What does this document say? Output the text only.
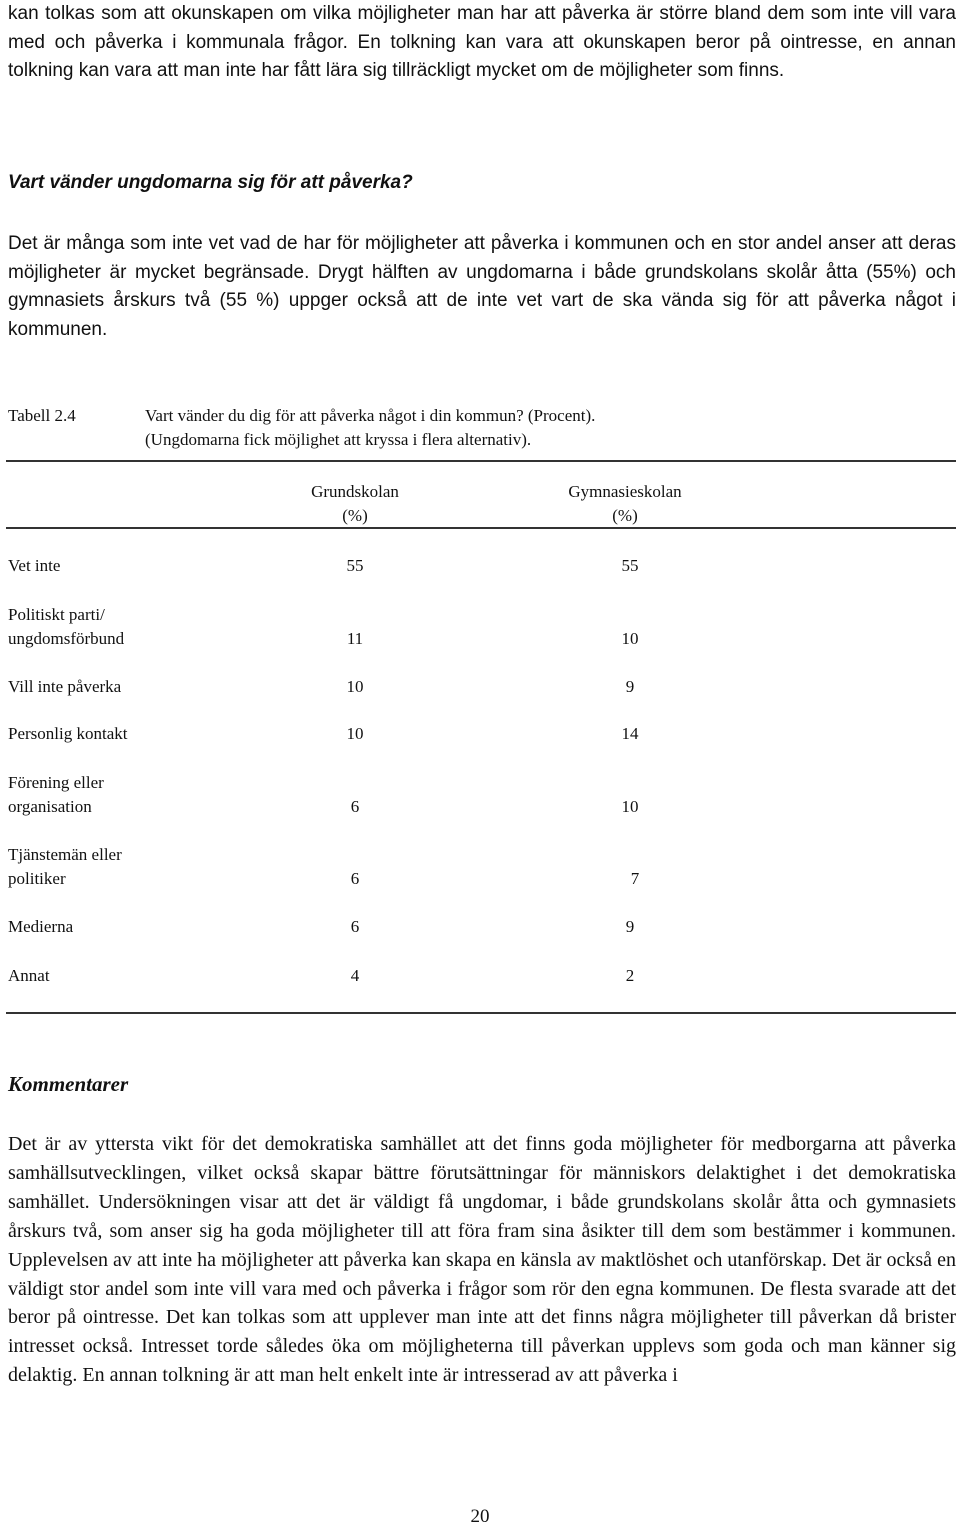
kan tolkas som att okunskapen om vilka möjligheter man har att påverka är större bland dem som inte vill vara med och påverka i kommunala frågor. En tolkning kan vara att okunskapen beror på ointresse, en annan tolkning kan vara att man inte har fått lära sig tillräckligt mycket om de möjligheter som finns.

Vart vänder ungdomarna sig för att påverka?

Det är många som inte vet vad de har för möjligheter att påverka i kommunen och en stor andel anser att deras möjligheter är mycket begränsade. Drygt hälften av ungdomarna i både grundskolans skolår åtta (55%) och gymnasiets årskurs två (55 %) uppger också att de inte vet vart de ska vända sig för att påverka något i kommunen.

Tabell 2.4	Vart vänder du dig för att påverka något i din kommun? (Procent).
(Ungdomarna fick möjlighet att kryssa i flera alternativ).
Grundskolan
(%)
Gymnasieskolan
(%)
Vet inte	55	55
Politiskt parti/
ungdomsförbund	11	10
Vill inte påverka	10	9
Personlig kontakt	10	14
Förening eller
organisation	6	10
Tjänstemän eller
politiker	6	7
Medierna	6	9
Annat	4	2
Kommentarer

Det är av yttersta vikt för det demokratiska samhället att det finns goda möjligheter för medborgarna att påverka samhällsutvecklingen, vilket också skapar bättre förutsättningar för människors delaktighet i det demokratiska samhället. Undersökningen visar att det är väldigt få ungdomar, i både grundskolans skolår åtta och gymnasiets årskurs två, som anser sig ha goda möjligheter till att föra fram sina åsikter till dem som bestämmer i kommunen. Upplevelsen av att inte ha möjligheter att påverka kan skapa en känsla av maktlöshet och utanförskap. Det är också en väldigt stor andel som inte vill vara med och påverka i frågor som rör den egna kommunen. De flesta svarade att det beror på ointresse. Det kan tolkas som att upplever man inte att det finns några möjligheter till påverkan då brister intresset också. Intresset torde således öka om möjligheterna till påverkan upplevs som goda och man känner sig delaktig. En annan tolkning är att man helt enkelt inte är intresserad av att påverka i

20
